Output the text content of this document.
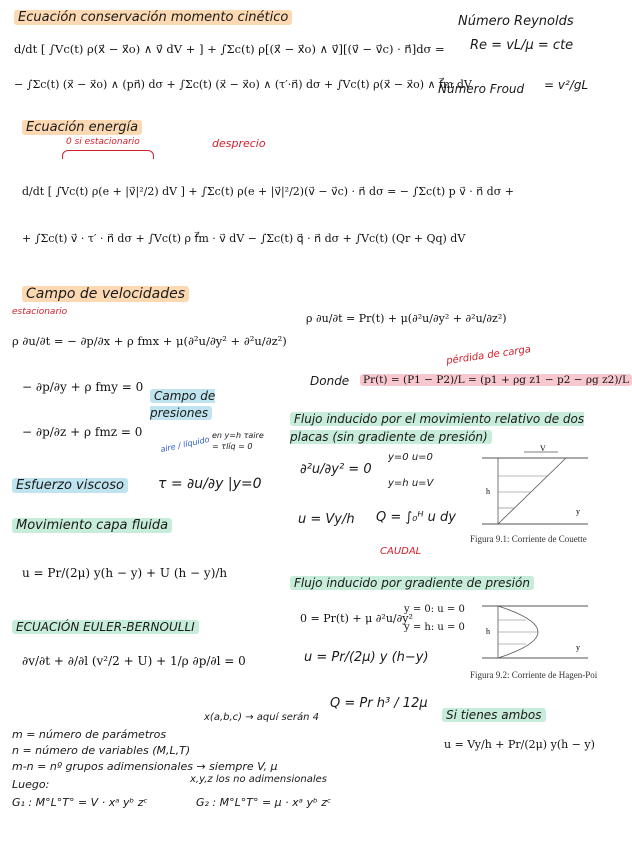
Ecuación conservación momento cinético
d/dt [ ∫Vc(t) ρ(x⃗ − x⃗o) ∧ v⃗ dV + ] + ∫Σc(t) ρ[(x⃗ − x⃗o) ∧ v⃗][(v⃗ − v⃗c) · n⃗]dσ =
− ∫Σc(t) (x⃗ − x⃗o) ∧ (pn⃗) dσ + ∫Σc(t) (x⃗ − x⃗o) ∧ (τ′·n⃗) dσ + ∫Vc(t) ρ(x⃗ − x⃗o) ∧ f⃗m dV
Número Reynolds
Re = vL/μ = cte
Número Froud = v²/gL
Ecuación energía
0 si estacionario	desprecio
d/dt [ ∫Vc(t) ρ(e + |v⃗|²/2) dV ] + ∫Σc(t) ρ(e + |v⃗|²/2)(v⃗ − v⃗c) · n⃗ dσ = − ∫Σc(t) p v⃗ · n⃗ dσ +
+ ∫Σc(t) v⃗ · τ′ · n⃗ dσ + ∫Vc(t) ρ f⃗m · v⃗ dV − ∫Σc(t) q⃗ · n⃗ dσ + ∫Vc(t) (Qr + Qq) dV
Campo de velocidades
estacionario
ρ ∂u/∂t = − ∂p/∂x + ρ fmx + μ(∂²u/∂y² + ∂²u/∂z²)
− ∂p/∂y + ρ fmy = 0
− ∂p/∂z + ρ fmz = 0
Campo de presiones
aire / líquido en y=h τaire = τlíq = 0
Esfuerzo viscoso τ = ∂u/∂y |y=0
Movimiento capa fluida
u = Pr/(2μ) y(h − y) + U (h − y)/h
ECUACIÓN EULER-BERNOULLI
∂v/∂t + ∂/∂l (v²/2 + U) + 1/ρ ∂p/∂l = 0
ρ ∂u/∂t = Pr(t) + μ(∂²u/∂y² + ∂²u/∂z²)
pérdida de carga
Donde Pr(t) = (P1 − P2)/L = (p1 + ρg z1 − p2 − ρg z2)/L
Flujo inducido por el movimiento relativo de dos placas (sin gradiente de presión)
∂²u/∂y² = 0
y=0 u=0
y=h u=V
u = Vy/h Q = ∫₀ᴴ u dy
CAUDAL
V
h
y
Figura 9.1: Corriente de Couette
Flujo inducido por gradiente de presión
0 = Pr(t) + μ ∂²u/∂y²
y = 0: u = 0
y = h: u = 0
u = Pr/(2μ) y (h−y)
Q = Pr h³ / 12μ
h
y
Figura 9.2: Corriente de Hagen-Poi
Si tienes ambos
u = Vy/h + Pr/(2μ) y(h − y)
x(a,b,c) → aquí serán 4
m = número de parámetros
n = número de variables (M,L,T)
m-n = nº grupos adimensionales → siempre V, μ
Luego:	x,y,z los no adimensionales
G₁ : M°L°T° = V · xᵃ yᵇ zᶜ	G₂ : M°L°T° = μ · xᵃ yᵇ zᶜ
